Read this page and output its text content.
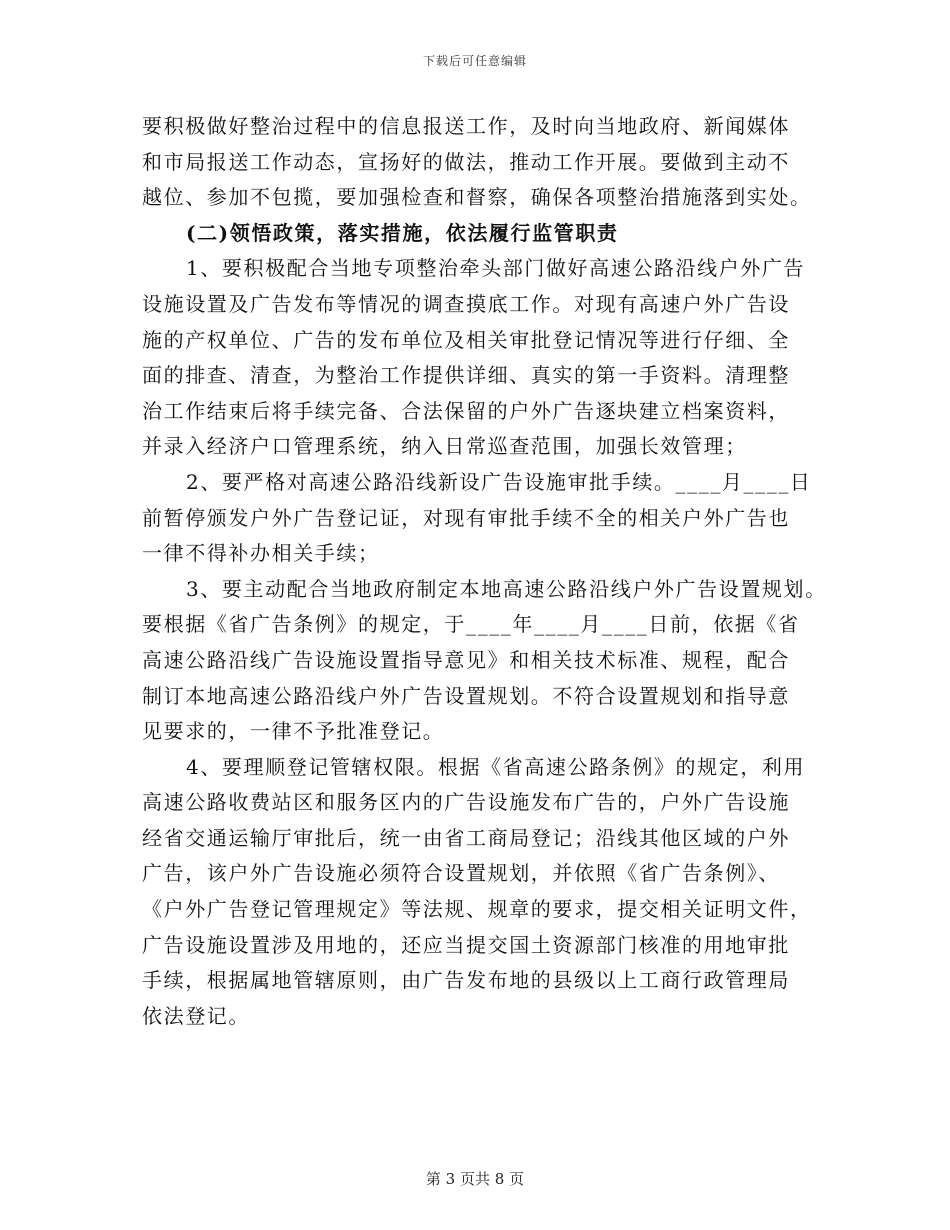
下载后可任意编辑
要积极做好整治过程中的信息报送工作，及时向当地政府、新闻媒体
和市局报送工作动态，宣扬好的做法，推动工作开展。要做到主动不
越位、参加不包揽，要加强检查和督察，确保各项整治措施落到实处。
(二)领悟政策，落实措施，依法履行监管职责
1、要积极配合当地专项整治牵头部门做好高速公路沿线户外广告
设施设置及广告发布等情况的调查摸底工作。对现有高速户外广告设
施的产权单位、广告的发布单位及相关审批登记情况等进行仔细、全
面的排查、清查，为整治工作提供详细、真实的第一手资料。清理整
治工作结束后将手续完备、合法保留的户外广告逐块建立档案资料，
并录入经济户口管理系统，纳入日常巡查范围，加强长效管理；
2、要严格对高速公路沿线新设广告设施审批手续。____月____日
前暂停颁发户外广告登记证，对现有审批手续不全的相关户外广告也
一律不得补办相关手续；
3、要主动配合当地政府制定本地高速公路沿线户外广告设置规划。
要根据《省广告条例》的规定，于____年____月____日前，依据《省
高速公路沿线广告设施设置指导意见》和相关技术标准、规程，配合
制订本地高速公路沿线户外广告设置规划。不符合设置规划和指导意
见要求的，一律不予批准登记。
4、要理顺登记管辖权限。根据《省高速公路条例》的规定，利用
高速公路收费站区和服务区内的广告设施发布广告的，户外广告设施
经省交通运输厅审批后，统一由省工商局登记；沿线其他区域的户外
广告，该户外广告设施必须符合设置规划，并依照《省广告条例》、
《户外广告登记管理规定》等法规、规章的要求，提交相关证明文件，
广告设施设置涉及用地的，还应当提交国土资源部门核准的用地审批
手续，根据属地管辖原则，由广告发布地的县级以上工商行政管理局
依法登记。
第 3 页共 8 页
